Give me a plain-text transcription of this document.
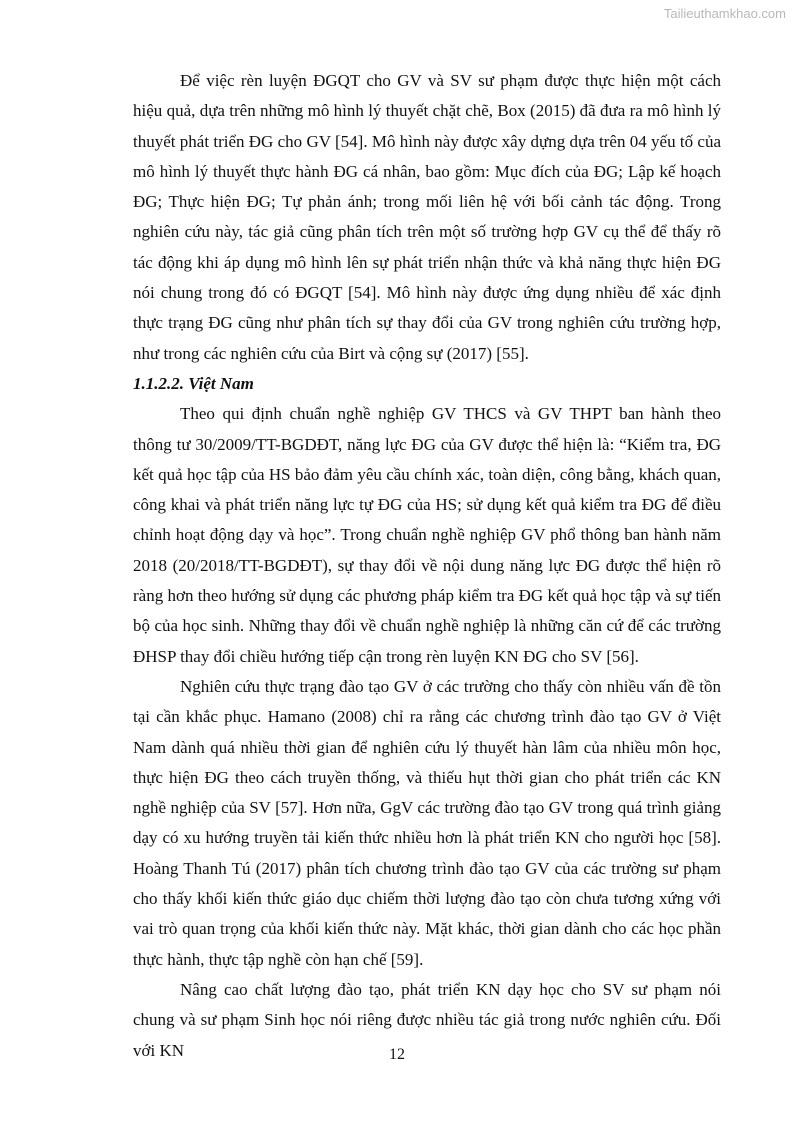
Tailieuthamkhao.com

Để việc rèn luyện ĐGQT cho GV và SV sư phạm được thực hiện một cách hiệu quả, dựa trên những mô hình lý thuyết chặt chẽ, Box (2015) đã đưa ra mô hình lý thuyết phát triển ĐG cho GV [54]. Mô hình này được xây dựng dựa trên 04 yếu tố của mô hình lý thuyết thực hành ĐG cá nhân, bao gồm: Mục đích của ĐG; Lập kế hoạch ĐG; Thực hiện ĐG; Tự phản ánh; trong mối liên hệ với bối cảnh tác động. Trong nghiên cứu này, tác giả cũng phân tích trên một số trường hợp GV cụ thể để thấy rõ tác động khi áp dụng mô hình lên sự phát triển nhận thức và khả năng thực hiện ĐG nói chung trong đó có ĐGQT [54]. Mô hình này được ứng dụng nhiều để xác định thực trạng ĐG cũng như phân tích sự thay đổi của GV trong nghiên cứu trường hợp, như trong các nghiên cứu của Birt và cộng sự (2017) [55].

1.1.2.2. Việt Nam

Theo qui định chuẩn nghề nghiệp GV THCS và GV THPT ban hành theo thông tư 30/2009/TT-BGDĐT, năng lực ĐG của GV được thể hiện là: “Kiểm tra, ĐG kết quả học tập của HS bảo đảm yêu cầu chính xác, toàn diện, công bằng, khách quan, công khai và phát triển năng lực tự ĐG của HS; sử dụng kết quả kiểm tra ĐG để điều chỉnh hoạt động dạy và học”. Trong chuẩn nghề nghiệp GV phổ thông ban hành năm 2018 (20/2018/TT-BGDĐT), sự thay đổi về nội dung năng lực ĐG được thể hiện rõ ràng hơn theo hướng sử dụng các phương pháp kiểm tra ĐG kết quả học tập và sự tiến bộ của học sinh. Những thay đổi về chuẩn nghề nghiệp là những căn cứ để các trường ĐHSP thay đổi chiều hướng tiếp cận trong rèn luyện KN ĐG cho SV [56].

Nghiên cứu thực trạng đào tạo GV ở các trường cho thấy còn nhiều vấn đề tồn tại cần khắc phục. Hamano (2008) chỉ ra rằng các chương trình đào tạo GV ở Việt Nam dành quá nhiều thời gian để nghiên cứu lý thuyết hàn lâm của nhiều môn học, thực hiện ĐG theo cách truyền thống, và thiếu hụt thời gian cho phát triển các KN nghề nghiệp của SV [57]. Hơn nữa, GgV các trường đào tạo GV trong quá trình giảng dạy có xu hướng truyền tải kiến thức nhiều hơn là phát triển KN cho người học [58]. Hoàng Thanh Tú (2017) phân tích chương trình đào tạo GV của các trường sư phạm cho thấy khối kiến thức giáo dục chiếm thời lượng đào tạo còn chưa tương xứng với vai trò quan trọng của khối kiến thức này. Mặt khác, thời gian dành cho các học phần thực hành, thực tập nghề còn hạn chế [59].

Nâng cao chất lượng đào tạo, phát triển KN dạy học cho SV sư phạm nói chung và sư phạm Sinh học nói riêng được nhiều tác giả trong nước nghiên cứu. Đối với KN	12
